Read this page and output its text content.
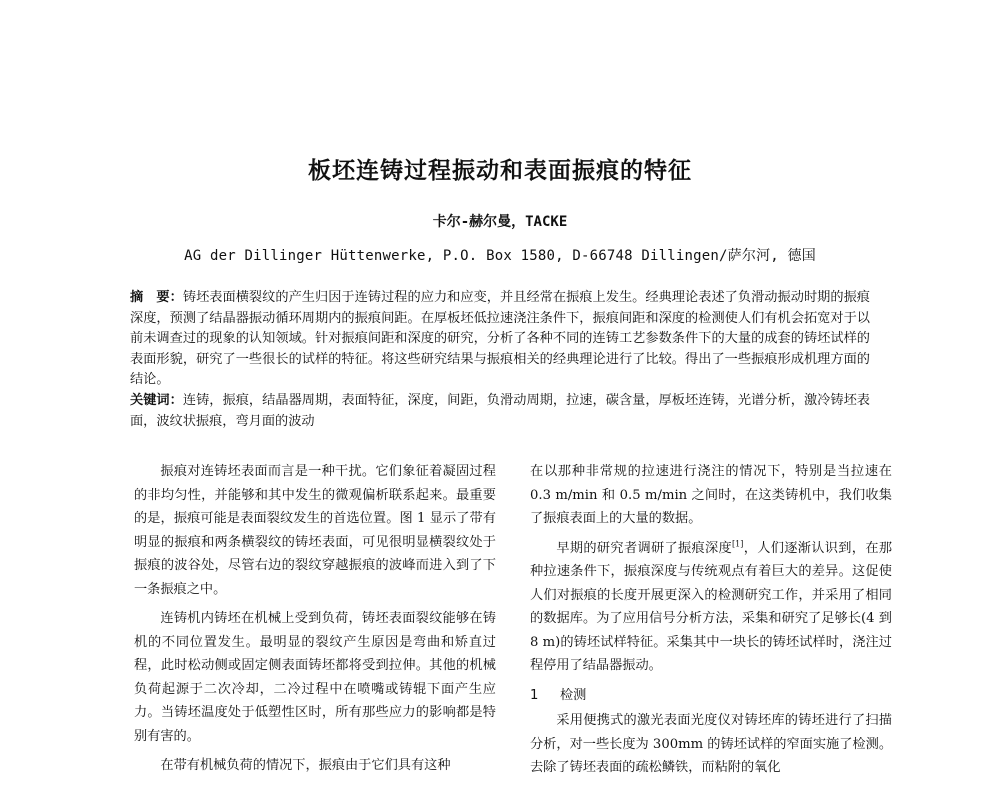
板坯连铸过程振动和表面振痕的特征
卡尔-赫尔曼，TACKE
AG der Dillinger Hüttenwerke, P.O. Box 1580, D-66748 Dillingen/萨尔河, 德国
摘　要：铸坯表面横裂纹的产生归因于连铸过程的应力和应变，并且经常在振痕上发生。经典理论表述了负滑动振动时期的振痕深度，预测了结晶器振动循环周期内的振痕间距。在厚板坯低拉速浇注条件下，振痕间距和深度的检测使人们有机会拓宽对于以前未调查过的现象的认知领域。针对振痕间距和深度的研究，分析了各种不同的连铸工艺参数条件下的大量的成套的铸坯试样的表面形貌，研究了一些很长的试样的特征。将这些研究结果与振痕相关的经典理论进行了比较。得出了一些振痕形成机理方面的结论。
关键词：连铸，振痕，结晶器周期，表面特征，深度，间距，负滑动周期，拉速，碳含量，厚板坯连铸，光谱分析，激冷铸坯表面，波纹状振痕，弯月面的波动

振痕对连铸坯表面而言是一种干扰。它们象征着凝固过程的非均匀性，并能够和其中发生的微观偏析联系起来。最重要的是，振痕可能是表面裂纹发生的首选位置。图 1 显示了带有明显的振痕和两条横裂纹的铸坯表面，可见很明显横裂纹处于振痕的波谷处，尽管右边的裂纹穿越振痕的波峰而进入到了下一条振痕之中。

连铸机内铸坯在机械上受到负荷，铸坯表面裂纹能够在铸机的不同位置发生。最明显的裂纹产生原因是弯曲和矫直过程，此时松动侧或固定侧表面铸坯都将受到拉伸。其他的机械负荷起源于二次冷却，二冷过程中在喷嘴或铸辊下面产生应力。当铸坯温度处于低塑性区时，所有那些应力的影响都是特别有害的。

在带有机械负荷的情况下，振痕由于它们具有这种

在以那种非常规的拉速进行浇注的情况下，特别是当拉速在 0.3 m/min 和 0.5 m/min 之间时，在这类铸机中，我们收集了振痕表面上的大量的数据。

早期的研究者调研了振痕深度[1]，人们逐渐认识到，在那种拉速条件下，振痕深度与传统观点有着巨大的差异。这促使人们对振痕的长度开展更深入的检测研究工作，并采用了相同的数据库。为了应用信号分析方法，采集和研究了足够长(4 到 8 m)的铸坯试样特征。采集其中一块长的铸坯试样时，浇注过程停用了结晶器振动。

1 检测

采用便携式的激光表面光度仪对铸坯库的铸坯进行了扫描分析，对一些长度为 300mm 的铸坯试样的窄面实施了检测。去除了铸坯表面的疏松鳞铁，而粘附的氧化
